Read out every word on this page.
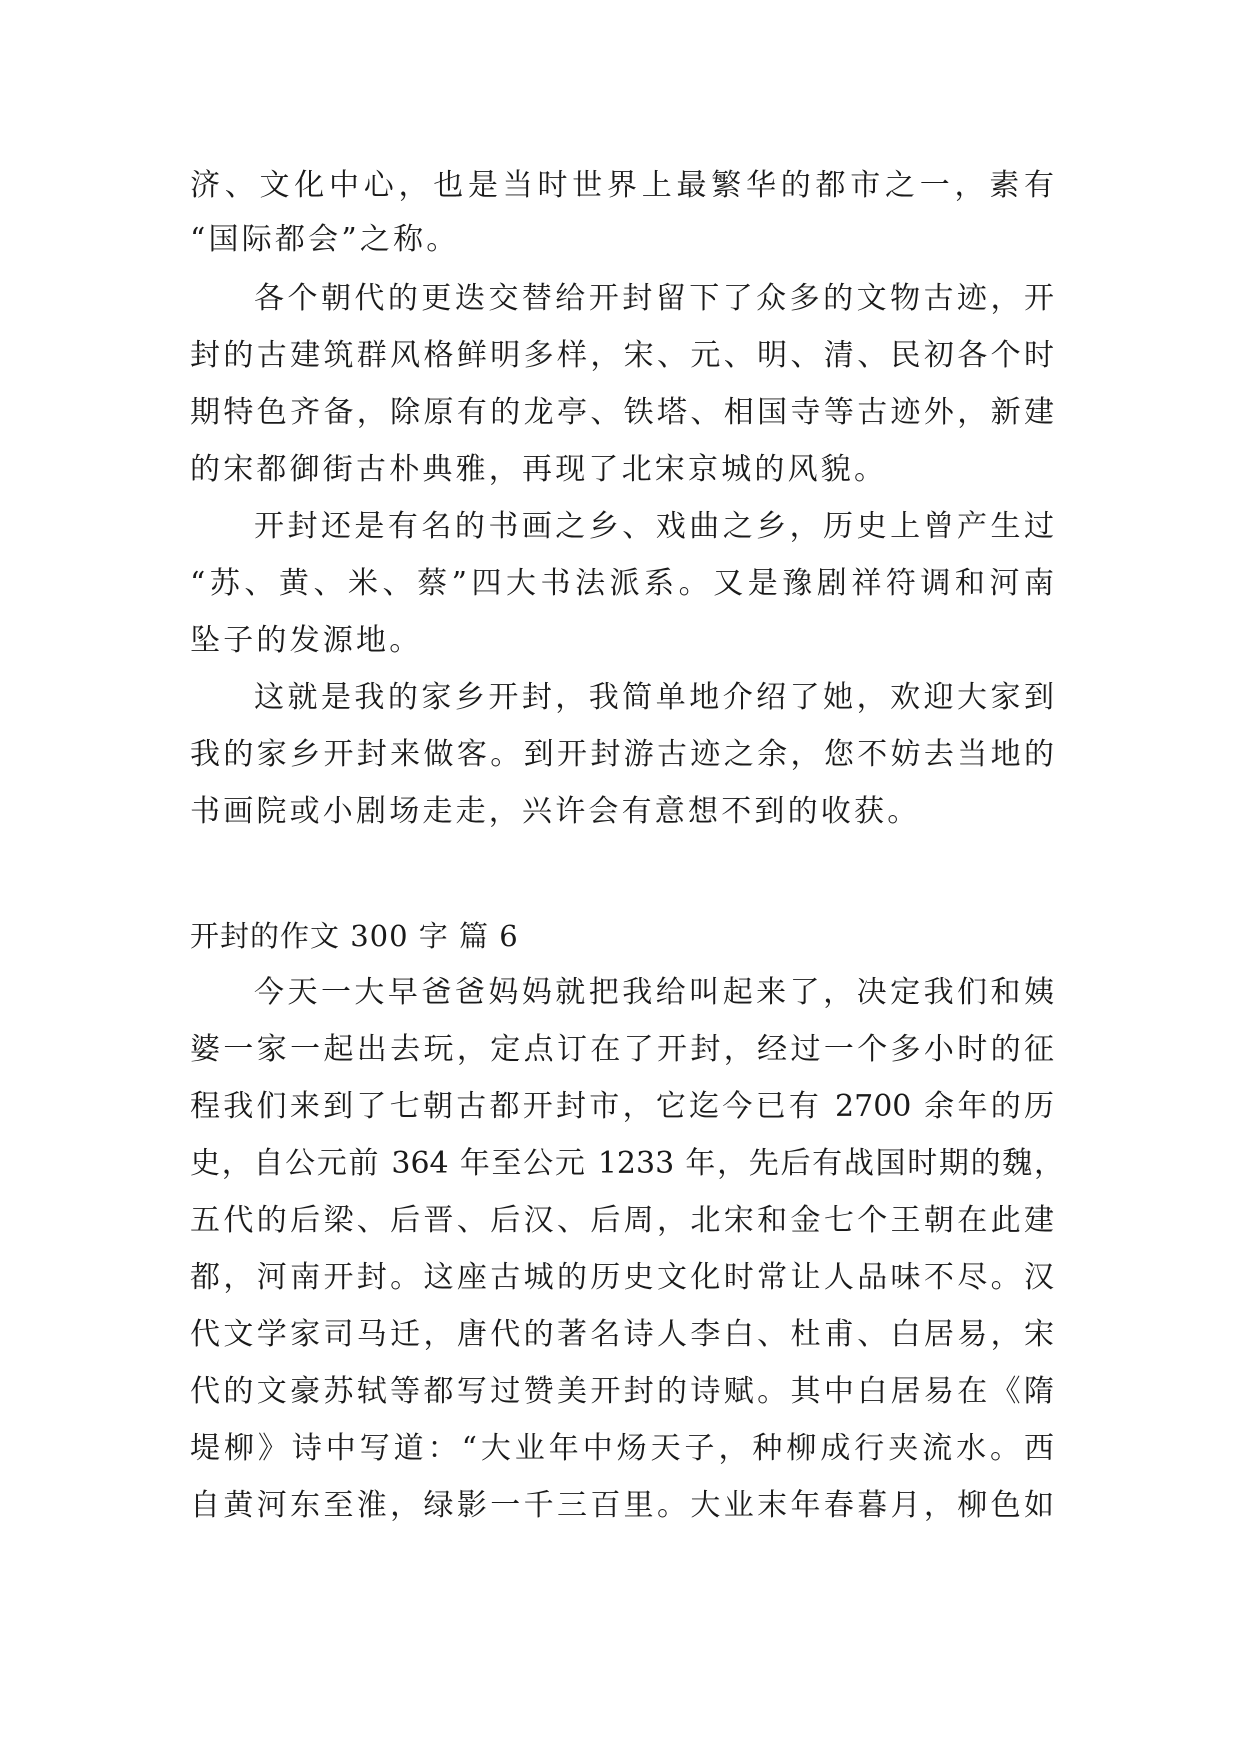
济、文化中心，也是当时世界上最繁华的都市之一，素有
“国际都会”之称。
各个朝代的更迭交替给开封留下了众多的文物古迹，开
封的古建筑群风格鲜明多样，宋、元、明、清、民初各个时
期特色齐备，除原有的龙亭、铁塔、相国寺等古迹外，新建
的宋都御街古朴典雅，再现了北宋京城的风貌。
开封还是有名的书画之乡、戏曲之乡，历史上曾产生过
“苏、黄、米、蔡”四大书法派系。又是豫剧祥符调和河南
坠子的发源地。
这就是我的家乡开封，我简单地介绍了她，欢迎大家到
我的家乡开封来做客。到开封游古迹之余，您不妨去当地的
书画院或小剧场走走，兴许会有意想不到的收获。
开封的作文 300 字 篇 6
今天一大早爸爸妈妈就把我给叫起来了，决定我们和姨
婆一家一起出去玩，定点订在了开封，经过一个多小时的征
程我们来到了七朝古都开封市，它迄今已有 2700 余年的历
史，自公元前 364 年至公元 1233 年，先后有战国时期的魏，
五代的后梁、后晋、后汉、后周，北宋和金七个王朝在此建
都，河南开封。这座古城的历史文化时常让人品味不尽。汉
代文学家司马迁，唐代的著名诗人李白、杜甫、白居易，宋
代的文豪苏轼等都写过赞美开封的诗赋。其中白居易在《隋
堤柳》诗中写道：“大业年中炀天子，种柳成行夹流水。西
自黄河东至淮，绿影一千三百里。大业末年春暮月，柳色如
